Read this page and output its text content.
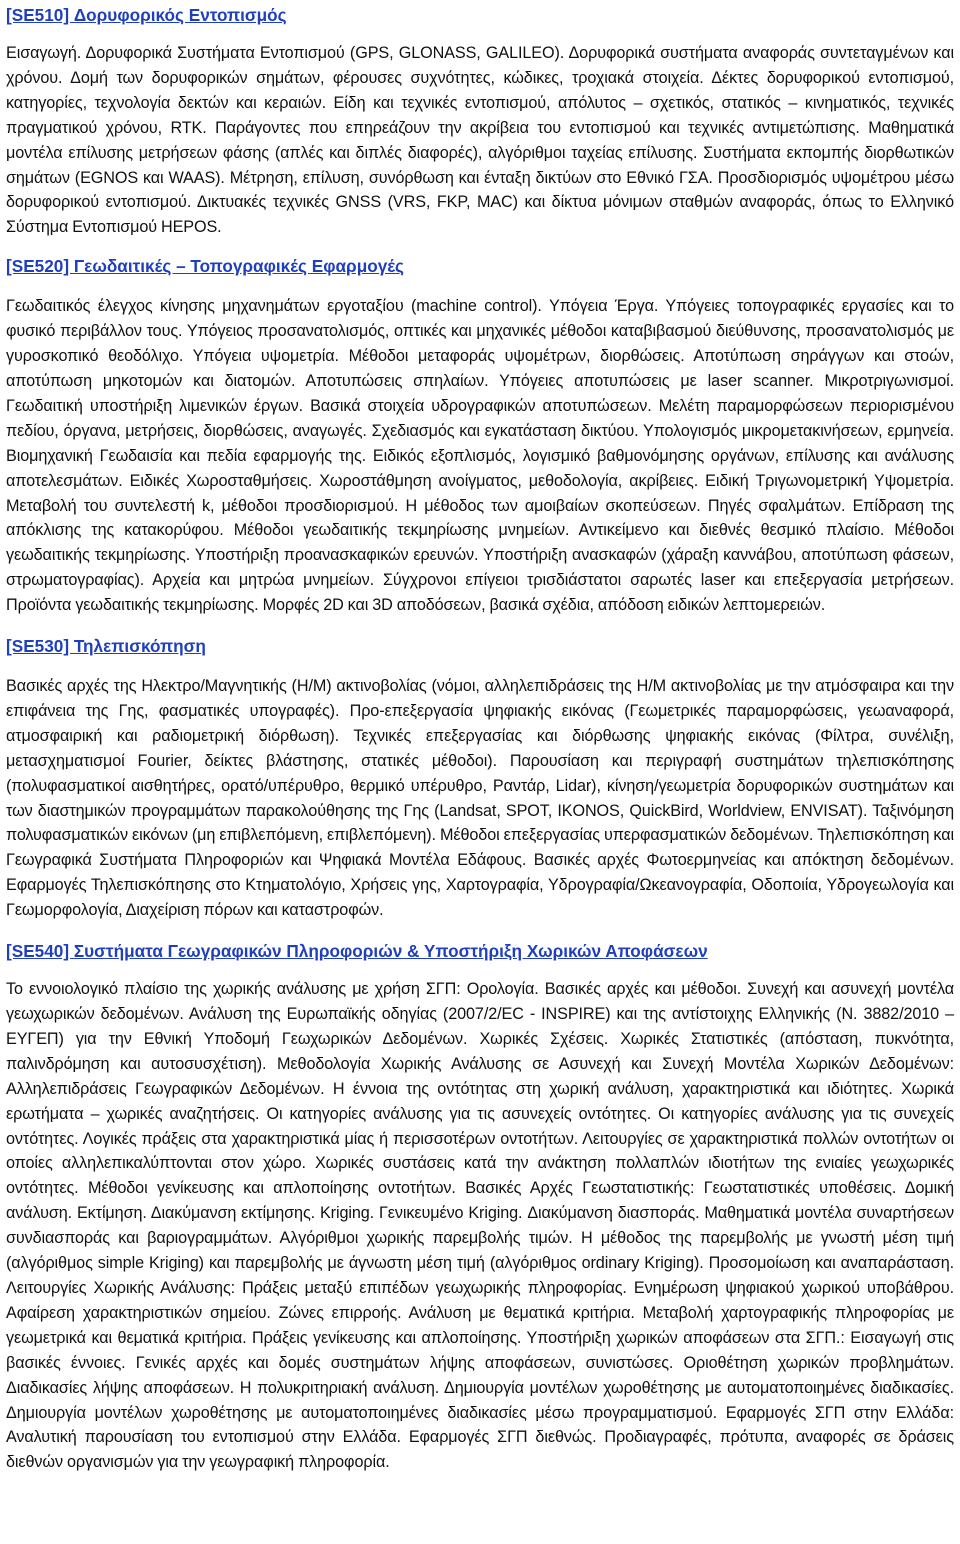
[SE510] Δορυφορικός Εντοπισμός

Εισαγωγή. Δορυφορικά Συστήματα Εντοπισμού (GPS, GLONASS, GALILEO). Δορυφορικά συστήματα αναφοράς συντεταγμένων και χρόνου. Δομή των δορυφορικών σημάτων, φέρουσες συχνότητες, κώδικες, τροχιακά στοιχεία. Δέκτες δορυφορικού εντοπισμού, κατηγορίες, τεχνολογία δεκτών και κεραιών. Είδη και τεχνικές εντοπισμού, απόλυτος – σχετικός, στατικός – κινηματικός, τεχνικές πραγματικού χρόνου, RTK. Παράγοντες που επηρεάζουν την ακρίβεια του εντοπισμού και τεχνικές αντιμετώπισης. Μαθηματικά μοντέλα επίλυσης μετρήσεων φάσης (απλές και διπλές διαφορές), αλγόριθμοι ταχείας επίλυσης. Συστήματα εκπομπής διορθωτικών σημάτων (EGNOS και WAAS). Μέτρηση, επίλυση, συνόρθωση και ένταξη δικτύων στο Εθνικό ΓΣΑ. Προσδιορισμός υψομέτρου μέσω δορυφορικού εντοπισμού. Δικτυακές τεχνικές GNSS (VRS, FKP, MAC) και δίκτυα μόνιμων σταθμών αναφοράς, όπως το Ελληνικό Σύστημα Εντοπισμού HEPOS.

[SE520] Γεωδαιτικές – Τοπογραφικές Εφαρμογές

Γεωδαιτικός έλεγχος κίνησης μηχανημάτων εργοταξίου (machine control). Υπόγεια Έργα. Υπόγειες τοπογραφικές εργασίες και το φυσικό περιβάλλον τους. Υπόγειος προσανατολισμός, οπτικές και μηχανικές μέθοδοι καταβιβασμού διεύθυνσης, προσανατολισμός με γυροσκοπικό θεοδόλιχο. Υπόγεια υψομετρία. Μέθοδοι μεταφοράς υψομέτρων, διορθώσεις. Αποτύπωση σηράγγων και στοών, αποτύπωση μηκοτομών και διατομών. Αποτυπώσεις σπηλαίων. Υπόγειες αποτυπώσεις με laser scanner. Μικροτριγωνισμοί. Γεωδαιτική υποστήριξη λιμενικών έργων. Βασικά στοιχεία υδρογραφικών αποτυπώσεων. Μελέτη παραμορφώσεων περιορισμένου πεδίου, όργανα, μετρήσεις, διορθώσεις, αναγωγές. Σχεδιασμός και εγκατάσταση δικτύου. Υπολογισμός μικρομετακινήσεων, ερμηνεία. Βιομηχανική Γεωδαισία και πεδία εφαρμογής της. Ειδικός εξοπλισμός, λογισμικό βαθμονόμησης οργάνων, επίλυσης και ανάλυσης αποτελεσμάτων. Ειδικές Χωροσταθμήσεις. Χωροστάθμηση ανοίγματος, μεθοδολογία, ακρίβειες. Ειδική Τριγωνομετρική Υψομετρία. Μεταβολή του συντελεστή k, μέθοδοι προσδιορισμού. Η μέθοδος των αμοιβαίων σκοπεύσεων. Πηγές σφαλμάτων. Επίδραση της απόκλισης της κατακορύφου. Μέθοδοι γεωδαιτικής τεκμηρίωσης μνημείων. Αντικείμενο και διεθνές θεσμικό πλαίσιο. Μέθοδοι γεωδαιτικής τεκμηρίωσης. Υποστήριξη προανασκαφικών ερευνών. Υποστήριξη ανασκαφών (χάραξη καννάβου, αποτύπωση φάσεων, στρωματογραφίας). Αρχεία και μητρώα μνημείων. Σύγχρονοι επίγειοι τρισδιάστατοι σαρωτές laser και επεξεργασία μετρήσεων. Προϊόντα γεωδαιτικής τεκμηρίωσης. Μορφές 2D και 3D αποδόσεων, βασικά σχέδια, απόδοση ειδικών λεπτομερειών.

[SE530] Τηλεπισκόπηση

Βασικές αρχές της Ηλεκτρο/Μαγνητικής (Η/Μ) ακτινοβολίας (νόμοι, αλληλεπιδράσεις της Η/Μ ακτινοβολίας με την ατμόσφαιρα και την επιφάνεια της Γης, φασματικές υπογραφές). Προ-επεξεργασία ψηφιακής εικόνας (Γεωμετρικές παραμορφώσεις, γεωαναφορά, ατμοσφαιρική και ραδιομετρική διόρθωση). Τεχνικές επεξεργασίας και διόρθωσης ψηφιακής εικόνας (Φίλτρα, συνέλιξη, μετασχηματισμοί Fourier, δείκτες βλάστησης, στατικές μέθοδοι). Παρουσίαση και περιγραφή συστημάτων τηλεπισκόπησης (πολυφασματικοί αισθητήρες, ορατό/υπέρυθρο, θερμικό υπέρυθρο, Ραντάρ, Lidar), κίνηση/γεωμετρία δορυφορικών συστημάτων και των διαστημικών προγραμμάτων παρακολούθησης της Γης (Landsat, SPOT, IKONOS, QuickBird, Worldview, ENVISAT). Ταξινόμηση πολυφασματικών εικόνων (μη επιβλεπόμενη, επιβλεπόμενη). Μέθοδοι επεξεργασίας υπερφασματικών δεδομένων. Τηλεπισκόπηση και Γεωγραφικά Συστήματα Πληροφοριών και Ψηφιακά Μοντέλα Εδάφους. Βασικές αρχές Φωτοερμηνείας και απόκτηση δεδομένων. Εφαρμογές Τηλεπισκόπησης στο Κτηματολόγιο, Χρήσεις γης, Χαρτογραφία, Υδρογραφία/Ωκεανογραφία, Οδοποιία, Υδρογεωλογία και Γεωμορφολογία, Διαχείριση πόρων και καταστροφών.

[SE540] Συστήματα Γεωγραφικών Πληροφοριών & Υποστήριξη Χωρικών Αποφάσεων

Το εννοιολογικό πλαίσιο της χωρικής ανάλυσης με χρήση ΣΓΠ: Ορολογία. Βασικές αρχές και μέθοδοι. Συνεχή και ασυνεχή μοντέλα γεωχωρικών δεδομένων. Ανάλυση της Ευρωπαϊκής οδηγίας (2007/2/EC - INSPIRE) και της αντίστοιχης Ελληνικής (Ν. 3882/2010 – ΕΥΓΕΠ) για την Εθνική Υποδομή Γεωχωρικών Δεδομένων. Χωρικές Σχέσεις. Χωρικές Στατιστικές (απόσταση, πυκνότητα, παλινδρόμηση και αυτοσυσχέτιση). Μεθοδολογία Χωρικής Ανάλυσης σε Ασυνεχή και Συνεχή Μοντέλα Χωρικών Δεδομένων: Αλληλεπιδράσεις Γεωγραφικών Δεδομένων. Η έννοια της οντότητας στη χωρική ανάλυση, χαρακτηριστικά και ιδιότητες. Χωρικά ερωτήματα – χωρικές αναζητήσεις. Οι κατηγορίες ανάλυσης για τις ασυνεχείς οντότητες. Οι κατηγορίες ανάλυσης για τις συνεχείς οντότητες. Λογικές πράξεις στα χαρακτηριστικά μίας ή περισσοτέρων οντοτήτων. Λειτουργίες σε χαρακτηριστικά πολλών οντοτήτων οι οποίες αλληλεπικαλύπτονται στον χώρο. Χωρικές συστάσεις κατά την ανάκτηση πολλαπλών ιδιοτήτων της ενιαίες γεωχωρικές οντότητες. Μέθοδοι γενίκευσης και απλοποίησης οντοτήτων. Βασικές Αρχές Γεωστατιστικής: Γεωστατιστικές υποθέσεις. Δομική ανάλυση. Εκτίμηση. Διακύμανση εκτίμησης. Kriging. Γενικευμένο Kriging. Διακύμανση διασποράς. Μαθηματικά μοντέλα συναρτήσεων συνδιασποράς και βαριογραμμάτων. Αλγόριθμοι χωρικής παρεμβολής τιμών. Η μέθοδος της παρεμβολής με γνωστή μέση τιμή (αλγόριθμος simple Kriging) και παρεμβολής με άγνωστη μέση τιμή (αλγόριθμος ordinary Kriging). Προσομοίωση και αναπαράσταση. Λειτουργίες Χωρικής Ανάλυσης: Πράξεις μεταξύ επιπέδων γεωχωρικής πληροφορίας. Ενημέρωση ψηφιακού χωρικού υποβάθρου. Αφαίρεση χαρακτηριστικών σημείου. Ζώνες επιρροής. Ανάλυση με θεματικά κριτήρια. Μεταβολή χαρτογραφικής πληροφορίας με γεωμετρικά και θεματικά κριτήρια. Πράξεις γενίκευσης και απλοποίησης. Υποστήριξη χωρικών αποφάσεων στα ΣΓΠ.: Εισαγωγή στις βασικές έννοιες. Γενικές αρχές και δομές συστημάτων λήψης αποφάσεων, συνιστώσες. Οριοθέτηση χωρικών προβλημάτων. Διαδικασίες λήψης αποφάσεων. Η πολυκριτηριακή ανάλυση. Δημιουργία μοντέλων χωροθέτησης με αυτοματοποιημένες διαδικασίες. Δημιουργία μοντέλων χωροθέτησης με αυτοματοποιημένες διαδικασίες μέσω προγραμματισμού. Εφαρμογές ΣΓΠ στην Ελλάδα: Αναλυτική παρουσίαση του εντοπισμού στην Ελλάδα. Εφαρμογές ΣΓΠ διεθνώς. Προδιαγραφές, πρότυπα, αναφορές σε δράσεις διεθνών οργανισμών για την γεωγραφική πληροφορία.
